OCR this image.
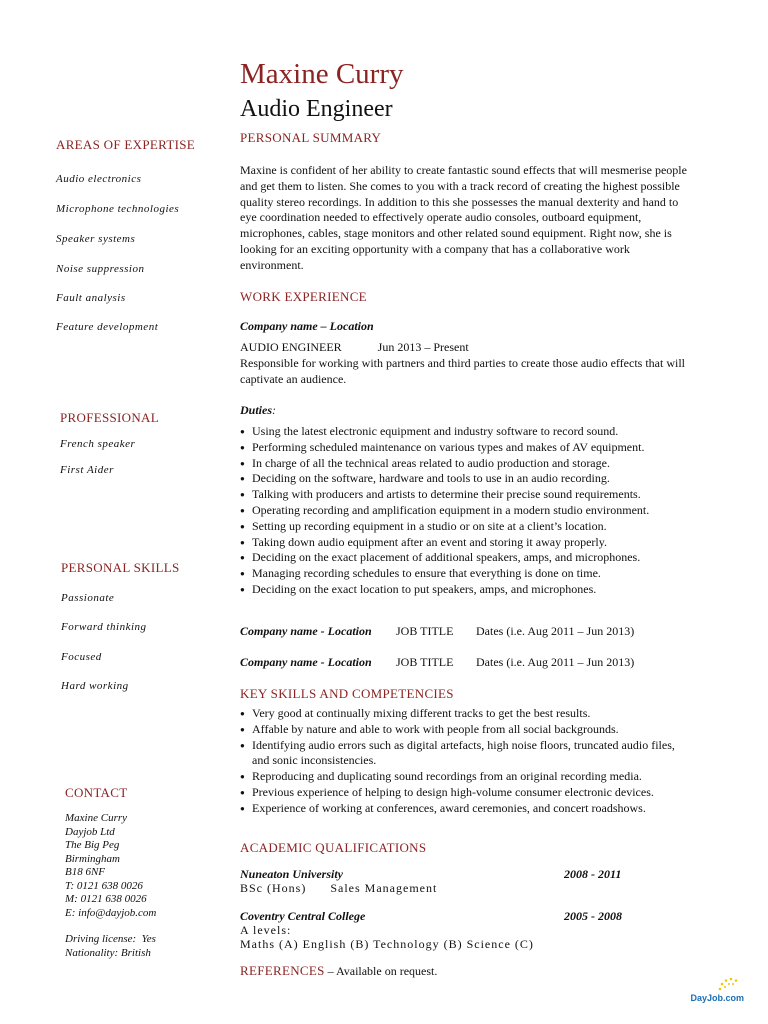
Maxine Curry
Audio Engineer
AREAS OF EXPERTISE
Audio electronics
Microphone technologies
Speaker systems
Noise suppression
Fault analysis
Feature development
PROFESSIONAL
French speaker
First Aider
PERSONAL SKILLS
Passionate
Forward thinking
Focused
Hard working
CONTACT
Maxine Curry
Dayjob Ltd
The Big Peg
Birmingham
B18 6NF
T: 0121 638 0026
M: 0121 638 0026
E: info@dayjob.com
Driving license:  Yes
Nationality: British
PERSONAL SUMMARY
Maxine is confident of her ability to create fantastic sound effects that will mesmerise people and get them to listen. She comes to you with a track record of creating the highest possible quality stereo recordings. In addition to this she possesses the manual dexterity and hand to eye coordination needed to effectively operate audio consoles, outboard equipment, microphones, cables, stage monitors and other related sound equipment. Right now, she is looking for an exciting opportunity with a company that has a collaborative work environment.
WORK EXPERIENCE
Company name – Location
AUDIO ENGINEER	Jun 2013 – Present
Responsible for working with partners and third parties to create those audio effects that will captivate an audience.
Duties:
● Using the latest electronic equipment and industry software to record sound.
● Performing scheduled maintenance on various types and makes of AV equipment.
● In charge of all the technical areas related to audio production and storage.
● Deciding on the software, hardware and tools to use in an audio recording.
● Talking with producers and artists to determine their precise sound requirements.
● Operating recording and amplification equipment in a modern studio environment.
● Setting up recording equipment in a studio or on site at a client’s location.
● Taking down audio equipment after an event and storing it away properly.
● Deciding on the exact placement of additional speakers, amps, and microphones.
● Managing recording schedules to ensure that everything is done on time.
● Deciding on the exact location to put speakers, amps, and microphones.
Company name - Location JOB TITLE Dates (i.e. Aug 2011 – Jun 2013)
Company name - Location JOB TITLE Dates (i.e. Aug 2011 – Jun 2013)
KEY SKILLS AND COMPETENCIES
● Very good at continually mixing different tracks to get the best results.
● Affable by nature and able to work with people from all social backgrounds.
● Identifying audio errors such as digital artefacts, high noise floors, truncated audio files, and sonic inconsistencies.
● Reproducing and duplicating sound recordings from an original recording media.
● Previous experience of helping to design high-volume consumer electronic devices.
● Experience of working at conferences, award ceremonies, and concert roadshows.
ACADEMIC QUALIFICATIONS
Nuneaton University	2008 - 2011
BSc (Hons) Sales Management
Coventry Central College	2005 - 2008
A levels:
Maths (A) English (B) Technology (B) Science (C)
REFERENCES – Available on request.
DayJob.com
